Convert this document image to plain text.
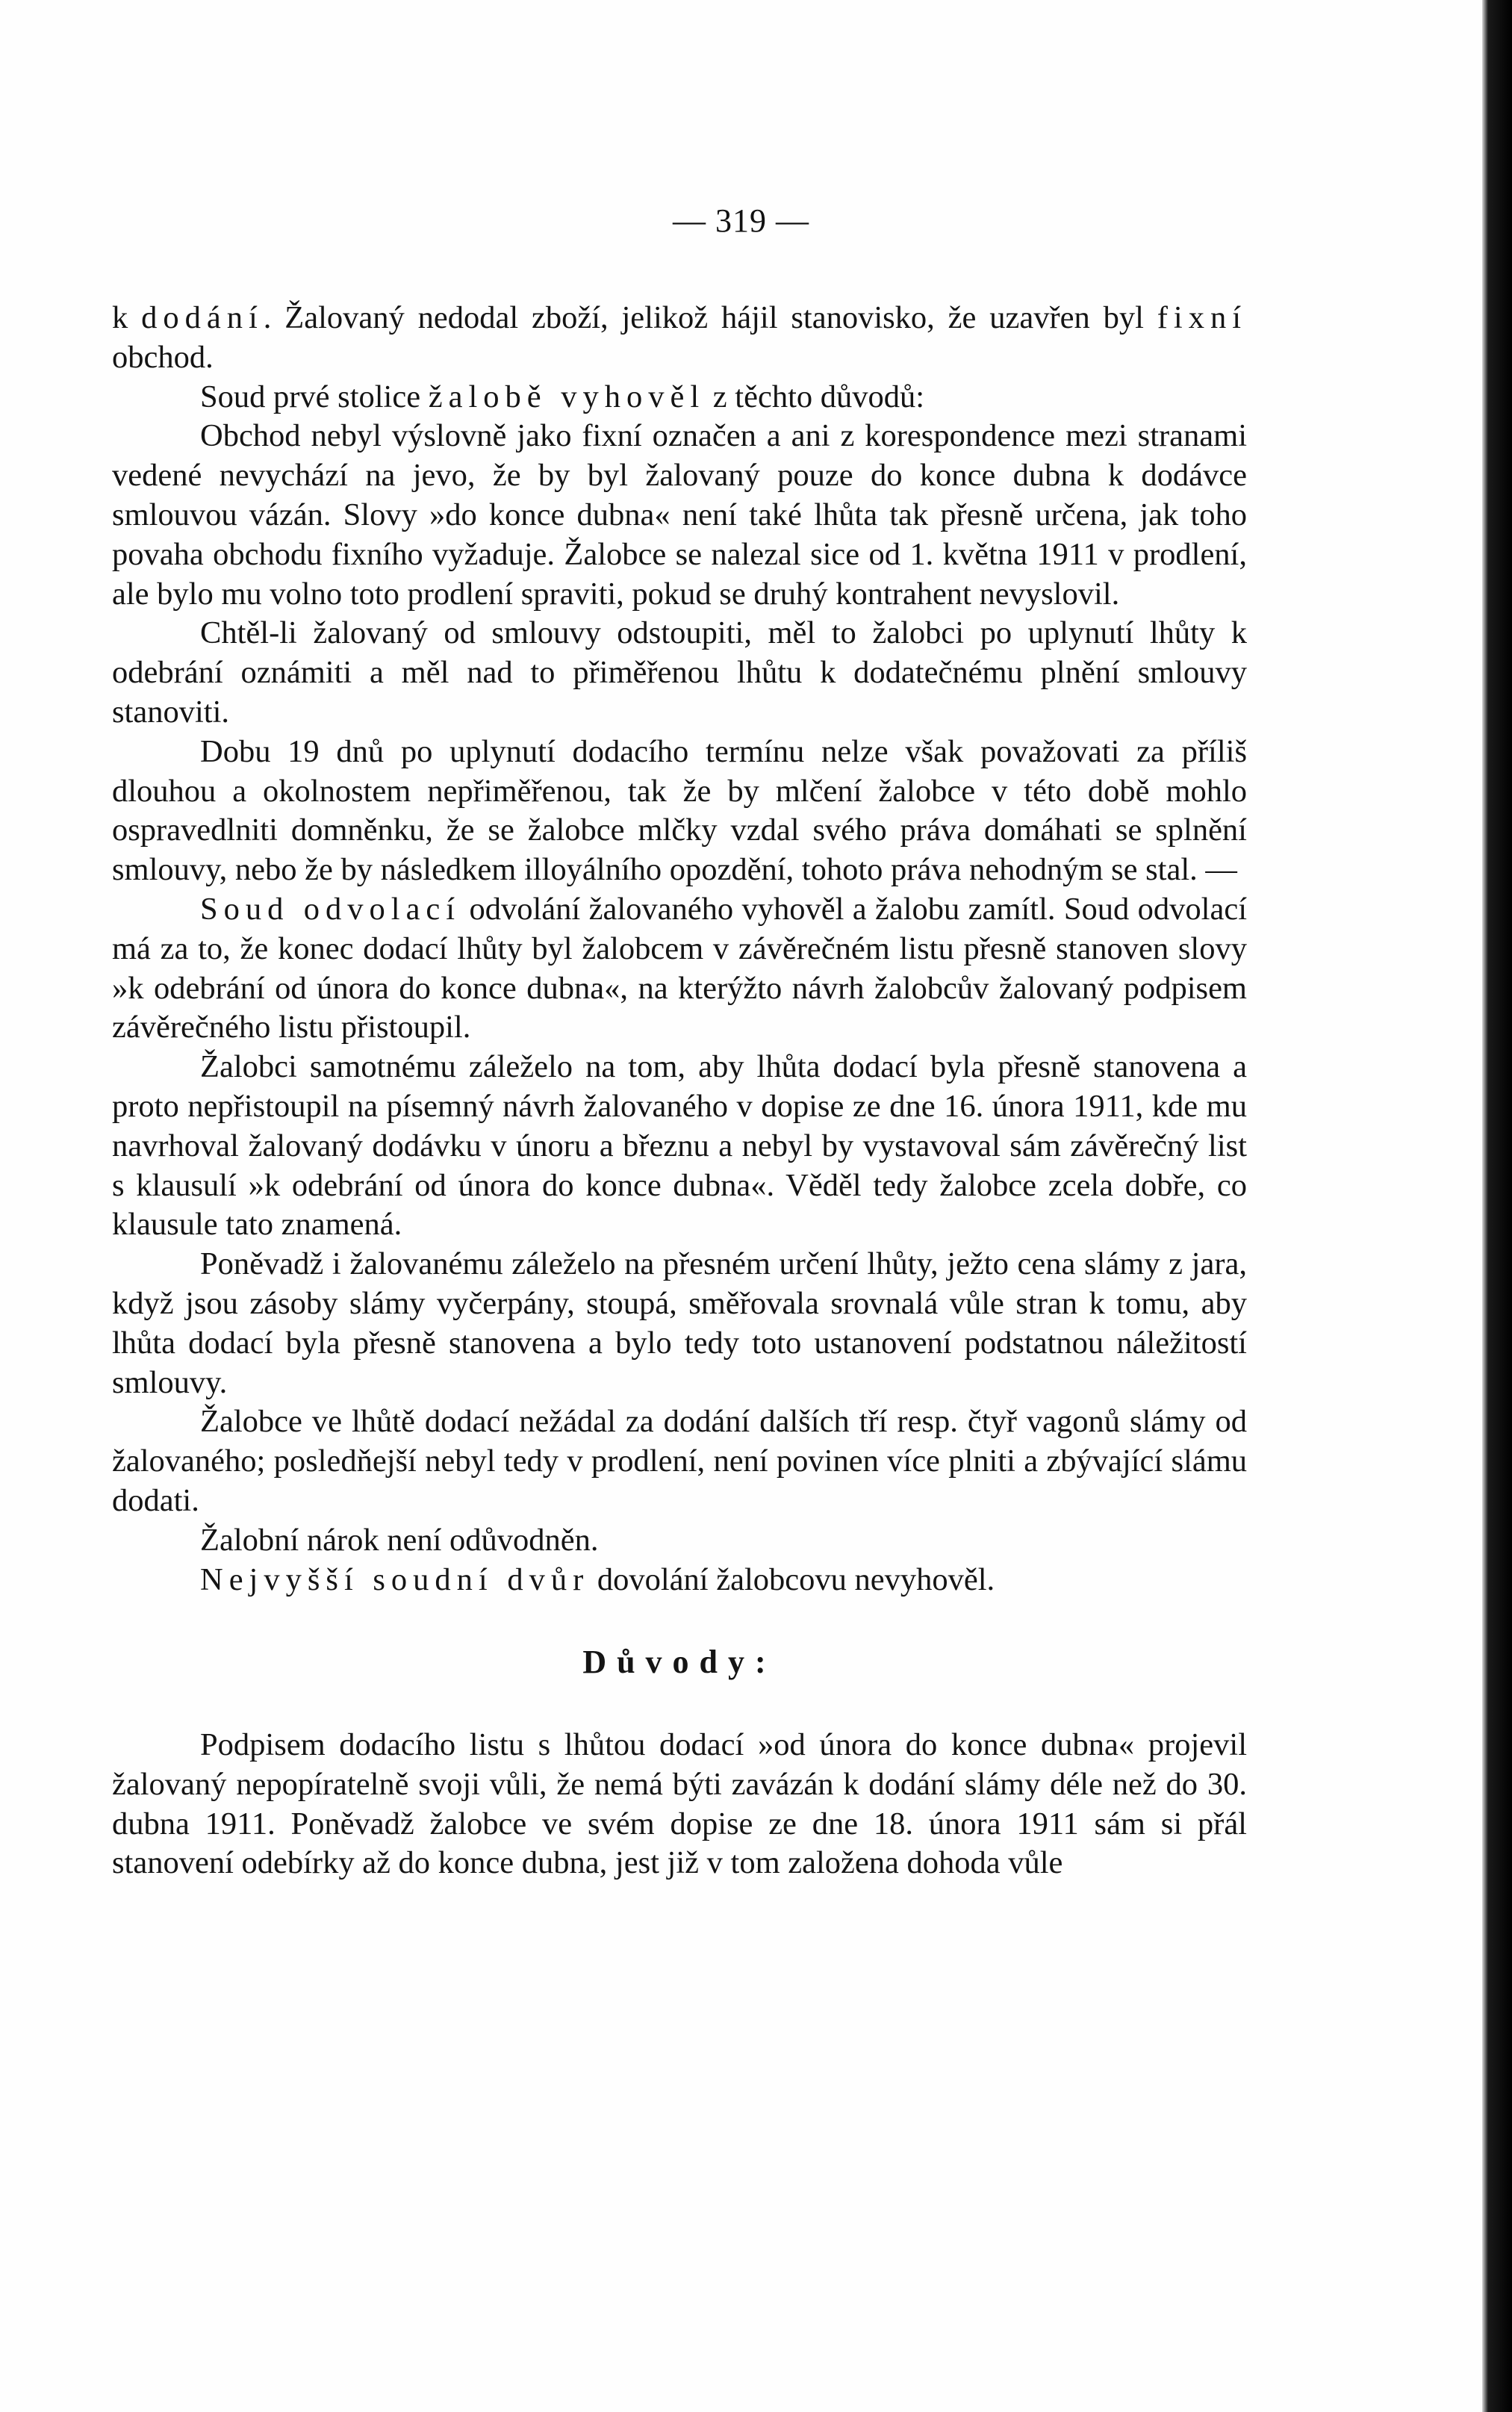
— 319 —

k dodání. Žalovaný nedodal zboží, jelikož hájil stanovisko, že uzavřen byl fixní obchod.

Soud prvé stolice žalobě vyhověl z těchto důvodů:

Obchod nebyl výslovně jako fixní označen a ani z korespondence mezi stranami vedené nevychází na jevo, že by byl žalovaný pouze do konce dubna k dodávce smlouvou vázán. Slovy »do konce dubna« není také lhůta tak přesně určena, jak toho povaha obchodu fixního vyžaduje. Žalobce se nalezal sice od 1. května 1911 v prodlení, ale bylo mu volno toto prodlení spraviti, pokud se druhý kontrahent nevyslovil.

Chtěl-li žalovaný od smlouvy odstoupiti, měl to žalobci po uplynutí lhůty k odebrání oznámiti a měl nad to přiměřenou lhůtu k dodatečnému plnění smlouvy stanoviti.

Dobu 19 dnů po uplynutí dodacího termínu nelze však považovati za příliš dlouhou a okolnostem nepřiměřenou, tak že by mlčení žalobce v této době mohlo ospravedlniti domněnku, že se žalobce mlčky vzdal svého práva domáhati se splnění smlouvy, nebo že by následkem illoyálního opozdění, tohoto práva nehodným se stal. —

Soud odvolací odvolání žalovaného vyhověl a žalobu zamítl. Soud odvolací má za to, že konec dodací lhůty byl žalobcem v závěrečném listu přesně stanoven slovy »k odebrání od února do konce dubna«, na kterýžto návrh žalobcův žalovaný podpisem závěrečného listu přistoupil.

Žalobci samotnému záleželo na tom, aby lhůta dodací byla přesně stanovena a proto nepřistoupil na písemný návrh žalovaného v dopise ze dne 16. února 1911, kde mu navrhoval žalovaný dodávku v únoru a březnu a nebyl by vystavoval sám závěrečný list s klausulí »k odebrání od února do konce dubna«. Věděl tedy žalobce zcela dobře, co klausule tato znamená.

Poněvadž i žalovanému záleželo na přesném určení lhůty, ježto cena slámy z jara, když jsou zásoby slámy vyčerpány, stoupá, směřovala srovnalá vůle stran k tomu, aby lhůta dodací byla přesně stanovena a bylo tedy toto ustanovení podstatnou náležitostí smlouvy.

Žalobce ve lhůtě dodací nežádal za dodání dalších tří resp. čtyř vagonů slámy od žalovaného; posledňejší nebyl tedy v prodlení, není povinen více plniti a zbývající slámu dodati.

Žalobní nárok není odůvodněn.

Nejvyšší soudní dvůr dovolání žalobcovu nevyhověl.

Důvody:

Podpisem dodacího listu s lhůtou dodací »od února do konce dubna« projevil žalovaný nepopíratelně svoji vůli, že nemá býti zavázán k dodání slámy déle než do 30. dubna 1911. Poněvadž žalobce ve svém dopise ze dne 18. února 1911 sám si přál stanovení odebírky až do konce dubna, jest již v tom založena dohoda vůle
